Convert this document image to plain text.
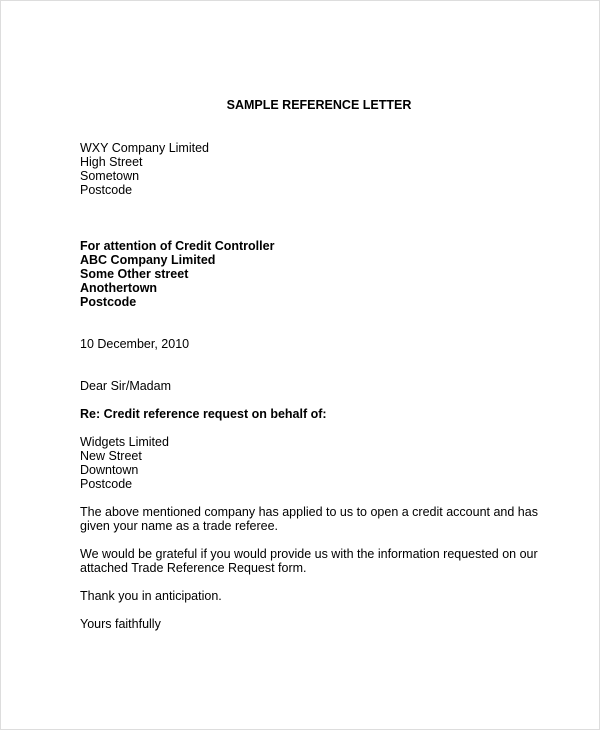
SAMPLE REFERENCE LETTER
WXY Company Limited
High Street
Sometown
Postcode
For attention of Credit Controller
ABC Company Limited
Some Other street
Anothertown
Postcode
10 December, 2010
Dear Sir/Madam
Re: Credit reference request on behalf of:
Widgets Limited
New Street
Downtown
Postcode
The above mentioned company has applied to us to open a credit account and has
given your name as a trade referee.
We would be grateful if you would provide us with the information requested on our
attached Trade Reference Request form.
Thank you in anticipation.
Yours faithfully
